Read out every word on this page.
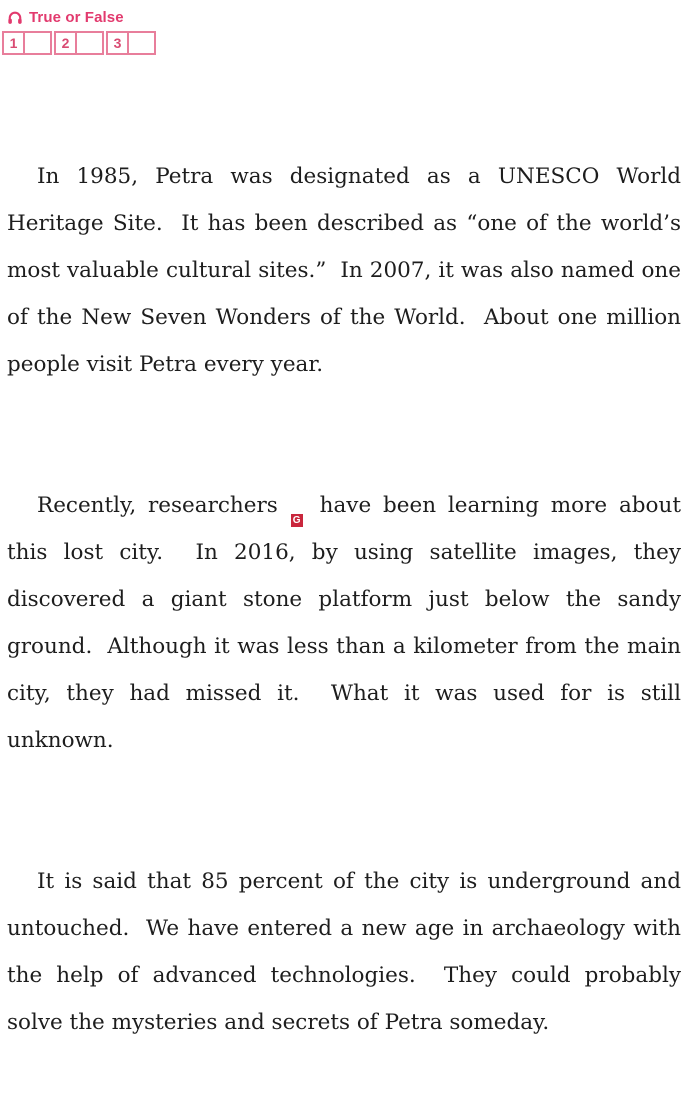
True or False
1	2	3

In 1985, Petra was designated as a UNESCO World Heritage Site.  It has been described as “one of the world’s most valuable cultural sites.”  In 2007, it was also named one of the New Seven Wonders of the World.  About one million people visit Petra every year.

Recently, researchers have
G
been learning more about this lost city.  In 2016, by using satellite images, they discovered a giant stone platform just below the sandy ground.  Although it was less than a kilometer from the main city, they had missed it.  What it was used for is still unknown.

It is said that 85 percent of the city is underground and untouched.  We have entered a new age in archaeology with the help of advanced technologies.  They could probably solve the mysteries and secrets of Petra someday.
